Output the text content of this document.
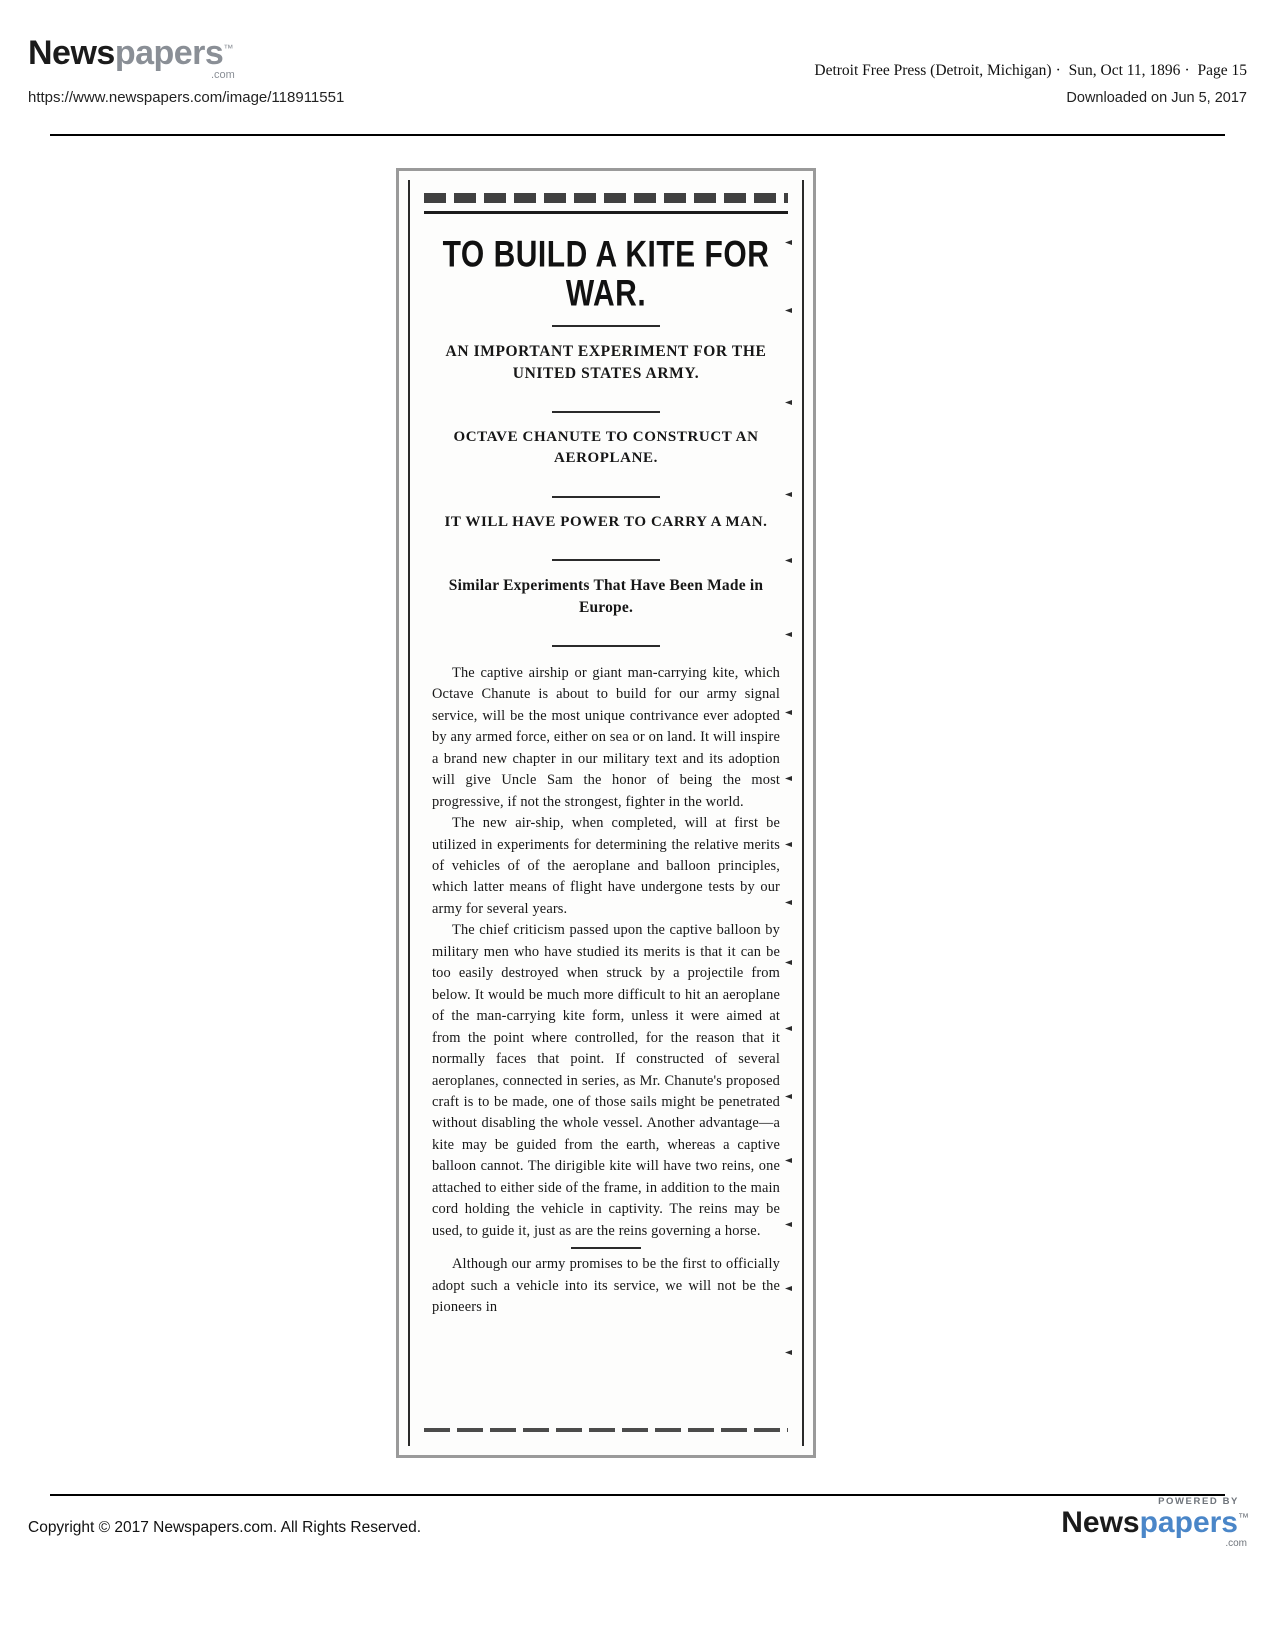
Newspapers™
.com
https://www.newspapers.com/image/118911551
Detroit Free Press (Detroit, Michigan) · Sun, Oct 11, 1896 · Page 15
Downloaded on Jun 5, 2017
TO BUILD A KITE FOR WAR.
AN IMPORTANT EXPERIMENT FOR THE UNITED STATES ARMY.
OCTAVE CHANUTE TO CONSTRUCT AN AEROPLANE.
IT WILL HAVE POWER TO CARRY A MAN.
Similar Experiments That Have Been Made in Europe.

The captive airship or giant man-carrying kite, which Octave Chanute is about to build for our army signal service, will be the most unique contrivance ever adopted by any armed force, either on sea or on land. It will inspire a brand new chapter in our military text and its adoption will give Uncle Sam the honor of being the most progressive, if not the strongest, fighter in the world.

The new air-ship, when completed, will at first be utilized in experiments for determining the relative merits of vehicles of of the aeroplane and balloon principles, which latter means of flight have undergone tests by our army for several years.

The chief criticism passed upon the captive balloon by military men who have studied its merits is that it can be too easily destroyed when struck by a projectile from below. It would be much more difficult to hit an aeroplane of the man-carrying kite form, unless it were aimed at from the point where controlled, for the reason that it normally faces that point. If constructed of several aeroplanes, connected in series, as Mr. Chanute's proposed craft is to be made, one of those sails might be penetrated without disabling the whole vessel. Another advantage—a kite may be guided from the earth, whereas a captive balloon cannot. The dirigible kite will have two reins, one attached to either side of the frame, in addition to the main cord holding the vehicle in captivity. The reins may be used, to guide it, just as are the reins governing a horse.

Although our army promises to be the first to officially adopt such a vehicle into its service, we will not be the pioneers in

Copyright © 2017 Newspapers.com. All Rights Reserved.
POWERED BY
Newspapers™
.com
